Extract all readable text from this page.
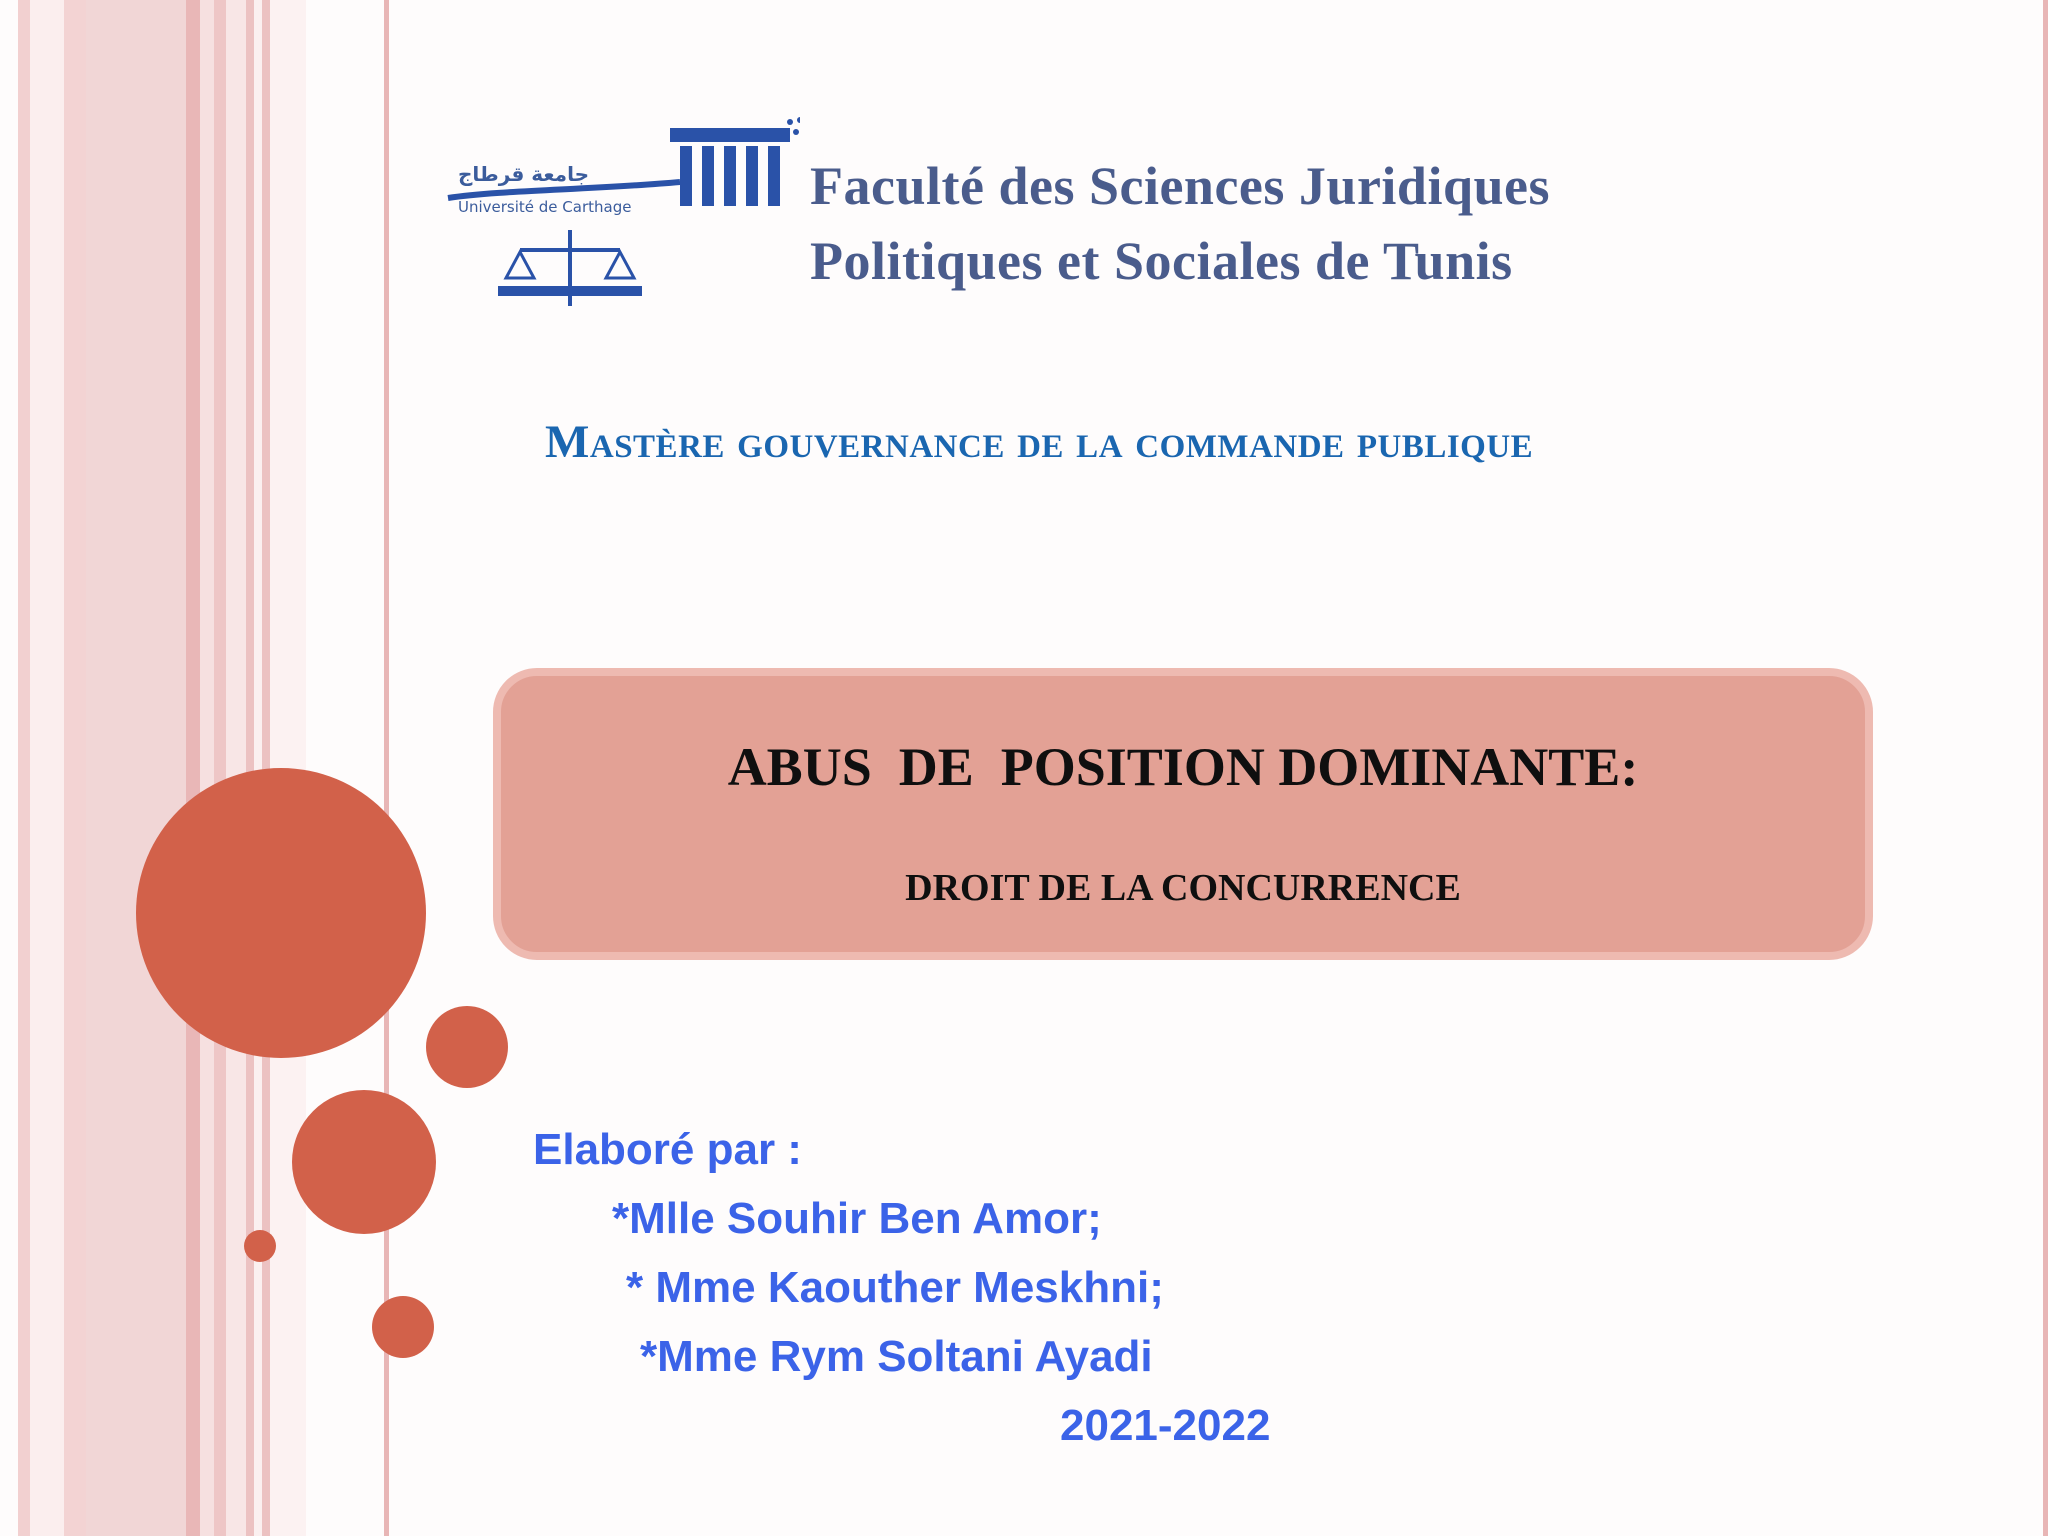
جامعة قرطاج
Université de Carthage	Faculté des Sciences Juridiques
Politiques et Sociales de Tunis
Mastère gouvernance de la commande publique
ABUS  DE  POSITION DOMINANTE:
DROIT DE LA CONCURRENCE
Elaboré par :
*Mlle Souhir Ben Amor;
* Mme Kaouther Meskhni;
*Mme Rym Soltani Ayadi
2021-2022
